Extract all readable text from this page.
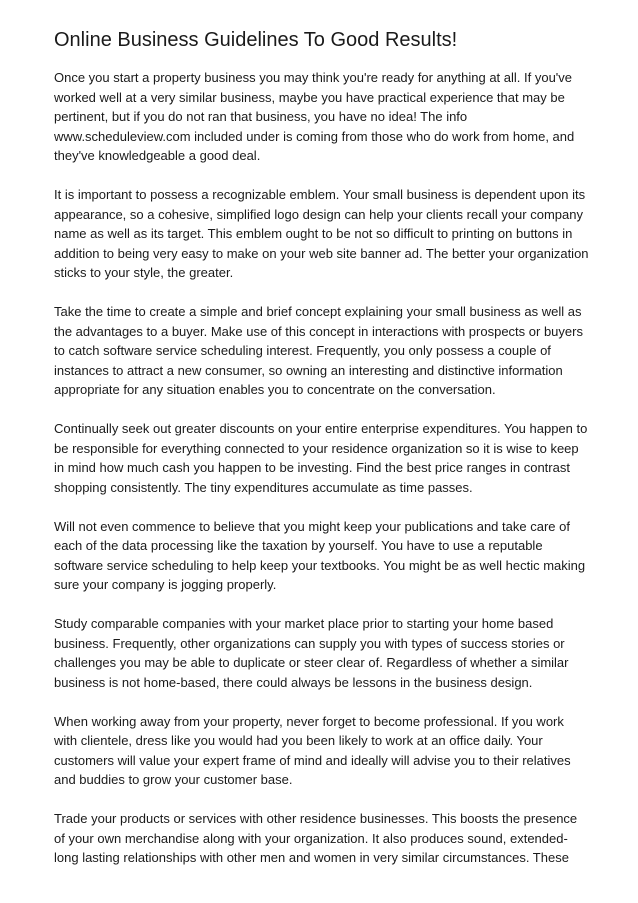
Online Business Guidelines To Good Results!

Once you start a property business you may think you're ready for anything at all. If you've
worked well at a very similar business, maybe you have practical experience that may be
pertinent, but if you do not ran that business, you have no idea! The info
www.scheduleview.com included under is coming from those who do work from home, and
they've knowledgeable a good deal.

It is important to possess a recognizable emblem. Your small business is dependent upon its
appearance, so a cohesive, simplified logo design can help your clients recall your company
name as well as its target. This emblem ought to be not so difficult to printing on buttons in
addition to being very easy to make on your web site banner ad. The better your organization
sticks to your style, the greater.

Take the time to create a simple and brief concept explaining your small business as well as
the advantages to a buyer. Make use of this concept in interactions with prospects or buyers
to catch software service scheduling interest. Frequently, you only possess a couple of
instances to attract a new consumer, so owning an interesting and distinctive information
appropriate for any situation enables you to concentrate on the conversation.

Continually seek out greater discounts on your entire enterprise expenditures. You happen to
be responsible for everything connected to your residence organization so it is wise to keep
in mind how much cash you happen to be investing. Find the best price ranges in contrast
shopping consistently. The tiny expenditures accumulate as time passes.

Will not even commence to believe that you might keep your publications and take care of
each of the data processing like the taxation by yourself. You have to use a reputable
software service scheduling to help keep your textbooks. You might be as well hectic making
sure your company is jogging properly.

Study comparable companies with your market place prior to starting your home based
business. Frequently, other organizations can supply you with types of success stories or
challenges you may be able to duplicate or steer clear of. Regardless of whether a similar
business is not home-based, there could always be lessons in the business design.

When working away from your property, never forget to become professional. If you work
with clientele, dress like you would had you been likely to work at an office daily. Your
customers will value your expert frame of mind and ideally will advise you to their relatives
and buddies to grow your customer base.

Trade your products or services with other residence businesses. This boosts the presence
of your own merchandise along with your organization. It also produces sound, extended-
long lasting relationships with other men and women in very similar circumstances. These
